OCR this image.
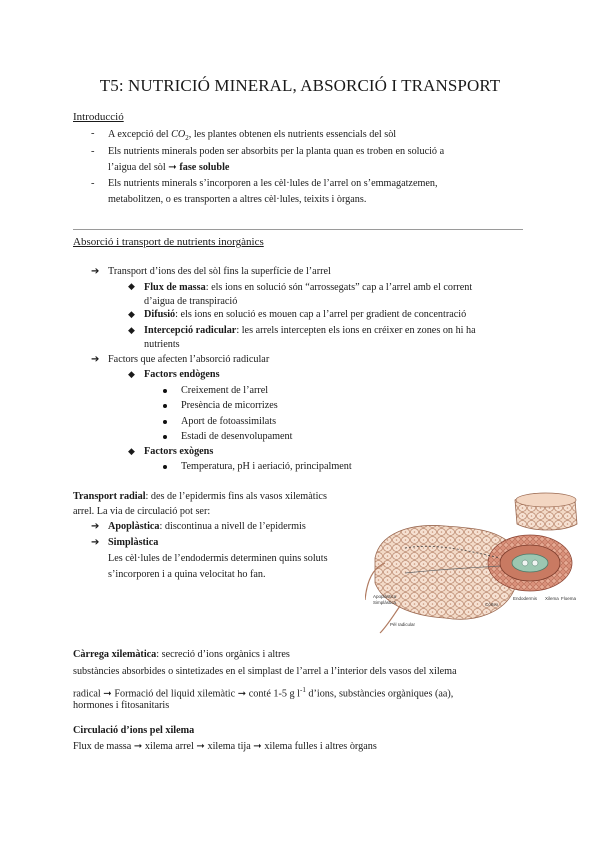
T5: NUTRICIÓ MINERAL, ABSORCIÓ I TRANSPORT
Introducció
- A excepció del $CO_2$, les plantes obtenen els nutrients essencials del sòl
- Els nutrients minerals poden ser absorbits per la planta quan es troben en solució a
l’aigua del sòl ➞ fase soluble
- Els nutrients minerals s’incorporen a les cèl·lules de l’arrel on s’emmagatzemen,
metabolitzen, o es transporten a altres cèl·lules, teixits i òrgans.
Absorció i transport de nutrients inorgànics
➔ Transport d’ions des del sòl fins la superfície de l’arrel
◆ Flux de massa: els ions en solució són “arrossegats” cap a l’arrel amb el corrent
d’aigua de transpiració
◆ Difusió: els ions en solució es mouen cap a l’arrel per gradient de concentració
◆ Intercepció radicular: les arrels intercepten els ions en créixer en zones on hi ha
nutrients
➔ Factors que afecten l’absorció radicular
◆ Factors endògens
Creixement de l’arrel
Presència de micorrizes
Aport de fotoassimilats
Estadi de desenvolupament
◆ Factors exògens
Temperatura, pH i aeriació, principalment
Transport radial: des de l’epidermis fins als vasos xilemàtics
arrel. La via de circulació pot ser:
➔ Apoplàstica: discontinua a nivell de l’epidermis
➔ Simplàstica
Les cèl·lules de l’endodermis determinen quins soluts
s’incorporen i a quina velocitat ho fan.
Còrtex
Endodermis Xilema Floema
Apoplàstica
Simplàstica
Pèl radicular
Càrrega xilemàtica: secreció d’ions orgànics i altres
substàncies absorbides o sintetizades en el simplast de l’arrel a l’interior dels vasos del xilema
radical ➞ Formació del liquid xilemàtic ➞ conté 1-5 g $l^{-1}$ d’ions, substàncies orgàniques (aa),
hormones i fitosanitaris
Circulació d’ions pel xilema
Flux de massa ➞ xilema arrel ➞ xilema tija ➞ xilema fulles i altres òrgans
